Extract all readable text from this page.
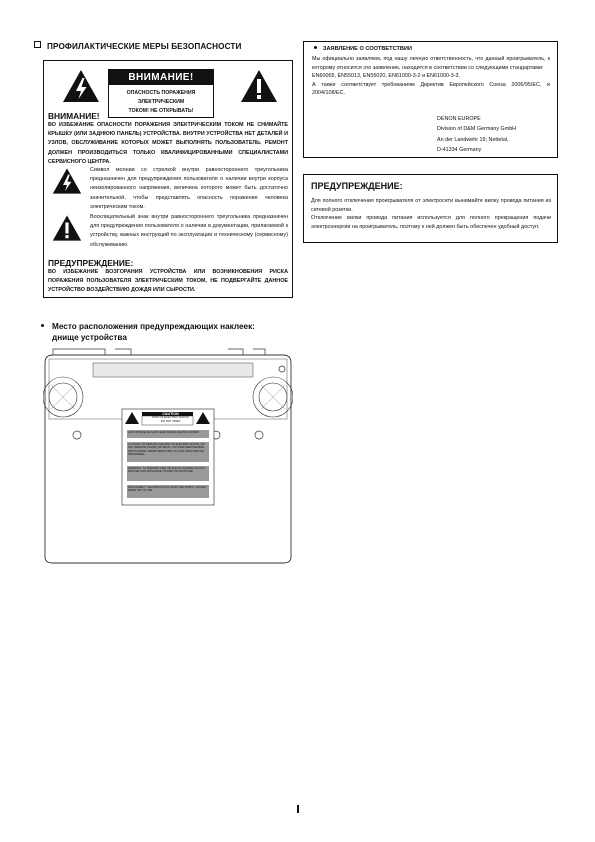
ПРОФИЛАКТИЧЕСКИЕ МЕРЫ БЕЗОПАСНОСТИ
ВНИМАНИЕ!
ОПАСНОСТЬ ПОРАЖЕНИЯ ЭЛЕКТРИЧЕСКИМ
ТОКОМ! НЕ ОТКРЫВАТЬ!
ВНИМАНИЕ!
ВО ИЗБЕЖАНИЕ ОПАСНОСТИ ПОРАЖЕНИЯ ЭЛЕКТРИЧЕСКИМ ТОКОМ НЕ СНИМАЙТЕ КРЫШКУ (ИЛИ ЗАДНЮЮ ПАНЕЛЬ) УСТРОЙСТВА. ВНУТРИ УСТРОЙСТВА НЕТ ДЕТАЛЕЙ И УЗЛОВ, ОБСЛУЖИВАНИЕ КОТОРЫХ МОЖЕТ ВЫПОЛНЯТЬ ПОЛЬЗОВАТЕЛЬ. РЕМОНТ ДОЛЖЕН ПРОИЗВОДИТЬСЯ ТОЛЬКО КВАЛИФИЦИРОВАННЫМИ СПЕЦИАЛИСТАМИ СЕРВИСНОГО ЦЕНТРА.
Символ молнии со стрелкой внутри равностороннего треугольника предназначен для предупреждения пользователя о наличии внутри корпуса неизолированного напряжения, величина которого может быть достаточно значительной, чтобы представлять опасность поражения человека электрическим током.
Восклицательный знак внутри равностороннего треугольника предназначен для предупреждения пользователя о наличии в документации, прилагаемой к устройству, важных инструкций по эксплуатации и техническому (сервисному) обслуживанию.
ПРЕДУПРЕЖДЕНИЕ:
ВО ИЗБЕЖАНИЕ ВОЗГОРАНИЯ УСТРОЙСТВА ИЛИ ВОЗНИКНОВЕНИЯ РИСКА ПОРАЖЕНИЯ ПОЛЬЗОВАТЕЛЯ ЭЛЕКТРИЧЕСКИМ ТОКОМ, НЕ ПОДВЕРГАЙТЕ ДАННОЕ УСТРОЙСТВО ВОЗДЕЙСТВИЮ ДОЖДЯ ИЛИ СЫРОСТИ.
ЗАЯВЛЕНИЕ О СООТВЕТСТВИИ
Мы официально заявляем, под нашу личную ответственность, что данный проигрыватель, к которому относится это заявление, находится в соответствии со следующими стандартами:
EN60065, EN55013, EN55020, EN61000-3-2 и EN61000-3-3.
А также соответствует требованиям Директив Европейского Союза 2006/95/EC, и 2004/108/EC.
DENON EUROPE
Division of D&M Germany GmbH
An der Landwehr 19, Nettetal,
D-41334 Germany
ПРЕДУПРЕЖДЕНИЕ:
Для полного отключения проигрывателя от электросети вынимайте вилку провода питания из сетевой розетки.
Отключение вилки провода питания используется для полного прекращения подачи электроэнергии на проигрыватель, поэтому к ней должен быть обеспечен удобный доступ.
Место расположения предупреждающих наклеек:
днище устройства
CAUTION
RISK OF ELECTRIC SHOCK
DO NOT OPEN
AVIS: RISQUE DE CHOC ELECTRIQUE-NE PAS OUVRIR
CAUTION: TO REDUCE THE RISK OF ELECTRIC SHOCK, DO NOT REMOVE COVER (OR BACK). NO USER-SERVICEABLE PARTS INSIDE. REFER SERVICING TO QUALIFIED SERVICE PERSONNEL.
WARNING: TO PREVENT FIRE OR SHOCK HAZARD, DO NOT EXPOSE THIS APPLIANCE TO RAIN OR MOISTURE.
DISCONNECT THE MAINS PLUG FROM THE SUPPLY SOCKET WHEN NOT IN USE.
